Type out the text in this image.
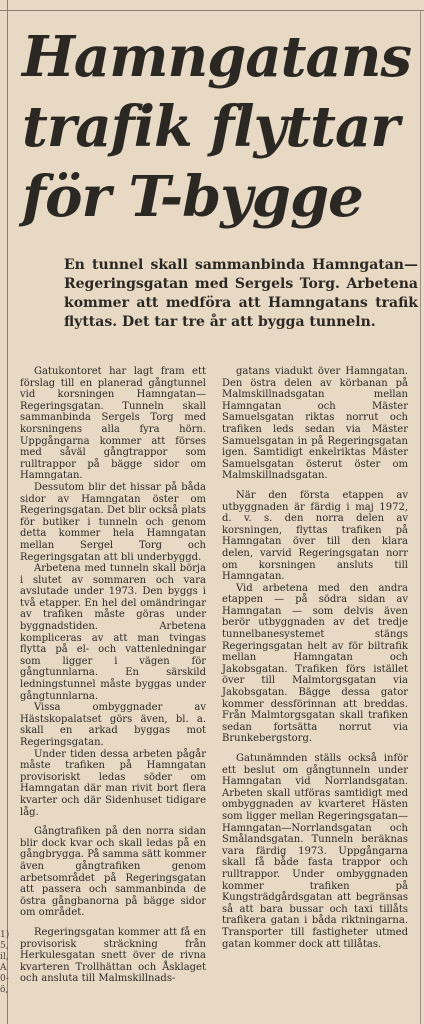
1)
5,
il,
A
0-
ö,
Hamngatans
trafik flyttar
för T-bygge

En tunnel skall sammanbinda Hamngatan—Regeringsgatan med Sergels Torg. Arbetena kommer att medföra att Hamngatans trafik flyttas. Det tar tre år att bygga tunneln.

Gatukontoret har lagt fram ett förslag till en planerad gångtunnel vid korsningen Hamngatan—Regeringsgatan. Tunneln skall sammanbinda Sergels Torg med korsningens alla fyra hörn. Uppgångarna kommer att förses med såväl gångtrappor som rulltrappor på bägge sidor om Hamngatan.

Dessutom blir det hissar på båda sidor av Hamngatan öster om Regeringsgatan. Det blir också plats för butiker i tunneln och genom detta kommer hela Hamngatan mellan Sergel Torg och Regeringsgatan att bli underbyggd.

Arbetena med tunneln skall börja i slutet av sommaren och vara avslutade under 1973. Den byggs i två etapper. En hel del omändringar av trafiken måste göras under byggnadstiden. Arbetena kompliceras av att man tvingas flytta på el- och vattenledningar som ligger i vägen för gångtunnlarna. En särskild ledningstunnel måste byggas under gångtunnlarna.

Vissa ombyggnader av Hästskopalatset görs även, bl. a. skall en arkad byggas mot Regeringsgatan.

Under tiden dessa arbeten pågår måste trafiken på Hamngatan provisoriskt ledas söder om Hamngatan där man rivit bort flera kvarter och där Sidenhuset tidigare låg.

Gångtrafiken på den norra sidan blir dock kvar och skall ledas på en gångbrygga. På samma sätt kommer även gångtrafiken genom arbetsområdet på Regeringsgatan att passera och sammanbinda de östra gångbanorna på bägge sidor om området.

Regeringsgatan kommer att få en provisorisk sträckning från Herkulesgatan snett över de rivna kvarteren Trollhättan och Åsklaget och ansluta till Malmskillnads-

gatans viadukt över Hamngatan. Den östra delen av körbanan på Malmskillnadsgatan mellan Hamngatan och Mäster Samuelsgatan riktas norrut och trafiken leds sedan via Mäster Samuelsgatan in på Regeringsgatan igen. Samtidigt enkelriktas Mäster Samuelsgatan österut öster om Malmskillnadsgatan.

När den första etappen av utbyggnaden är färdig i maj 1972, d. v. s. den norra delen av korsningen, flyttas trafiken på Hamngatan över till den klara delen, varvid Regeringsgatan norr om korsningen ansluts till Hamngatan.

Vid arbetena med den andra etappen — på södra sidan av Hamngatan — som delvis även berör utbyggnaden av det tredje tunnelbanesystemet stängs Regeringsgatan helt av för biltrafik mellan Hamngatan och Jakobsgatan. Trafiken förs istället över till Malmtorgsgatan via Jakobsgatan. Bägge dessa gator kommer dessförinnan att breddas. Från Malmtorgsgatan skall trafiken sedan fortsätta norrut via Brunkebergstorg.

Gatunämnden ställs också inför ett beslut om gångtunneln under Hamngatan vid Norrlandsgatan. Arbeten skall utföras samtidigt med ombyggnaden av kvarteret Hästen som ligger mellan Regeringsgatan—Hamngatan—Norrlandsgatan och Smålandsgatan. Tunneln beräknas vara färdig 1973. Uppgångarna skall få både fasta trappor och rulltrappor. Under ombyggnaden kommer trafiken på Kungsträdgårdsgatan att begränsas så att bara bussar och taxi tillåts trafikera gatan i båda riktningarna. Transporter till fastigheter utmed gatan kommer dock att tillåtas.
